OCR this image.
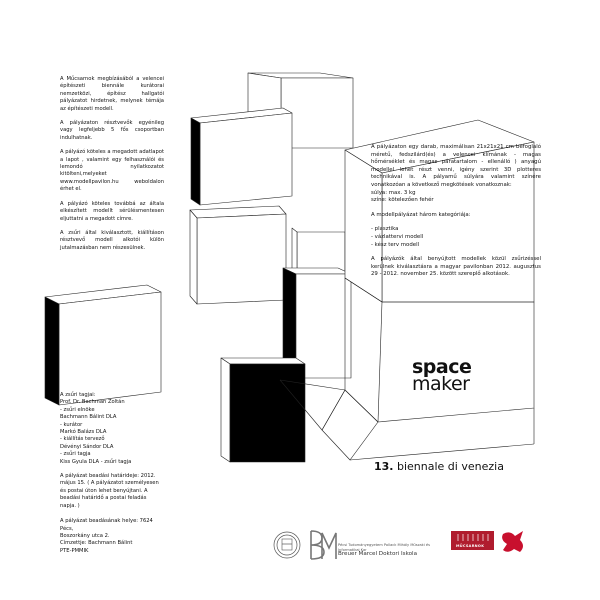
A Műcsarnok megbízásából a velencei építészeti biennále kurátorai nemzetközi, építész hallgatói pályázatot hirdetnek, melynek témája az építészeti modell.

A pályázaton résztvevők egyénileg vagy legfeljebb 5 fős csoportban indulhatnak.

A pályázó köteles a megadott adatlapot a lapot , valamint egy felhasználói és lemondó nyilatkozatot kitölteni,melyeket www.modellpavilon.hu weboldalon érhet el.

A pályázó köteles továbbá az általa elkészített modellt sérülésmentesen eljuttatni a megadott címre.

A zsűri által kiválasztott, kiállításon résztvevő modell alkotói külön jutalmazásban nem részesülnek.

A zsűri tagjai:
Prof. Dr. Bachman Zoltán
- zsűri elnöke
Bachmann Bálint DLA
- kurátor
Markó Balázs DLA
- kiállítás tervező
Dévényi Sándor DLA
- zsűri tagja
Kiss Gyula DLA - zsűri tagja

A pályázat beadási határideje: 2012. május 15. ( A pályázatot személyesen és postai úton lehet benyújtani. A beadási határidő a postai feladás napja. )

A pályázat beadásának helye: 7624 Pécs,
Boszorkány utca 2.
Címzettje: Bachmann Bálint
PTE-PMMIK

A pályázaton egy darab, maximálisan 21x21x21 cm befoglaló méretű, fedszilárd(és) a velencei klímának - magas hőmérséklet és magas páratartalom - ellenálló ) anyagú modellel lehet részt venni, igény szerint 3D plotteres technikával is. A pályamű súlyára valamint színére vonatkozóan a következő megkötések vonatkoznak:

súlya: max. 3 kg
színe: kötelezően fehér

A modellpályázat három kategóriája:
- plasztika
- vázlattervi modell
- kész terv modell

A pályázók által benyújtott modellek közül zsűrizéssel kerülnek kiválasztásra a magyar pavilonban 2012. augusztus 29 - 2012. november 25. között szereplő alkotások.

space
maker
13. biennale di venezia
Pécsi Tudományegyetem Pollack Mihály Műszaki és Informatikai Kar
Breuer Marcel Doktori Iskola
MŰCSARNOK
